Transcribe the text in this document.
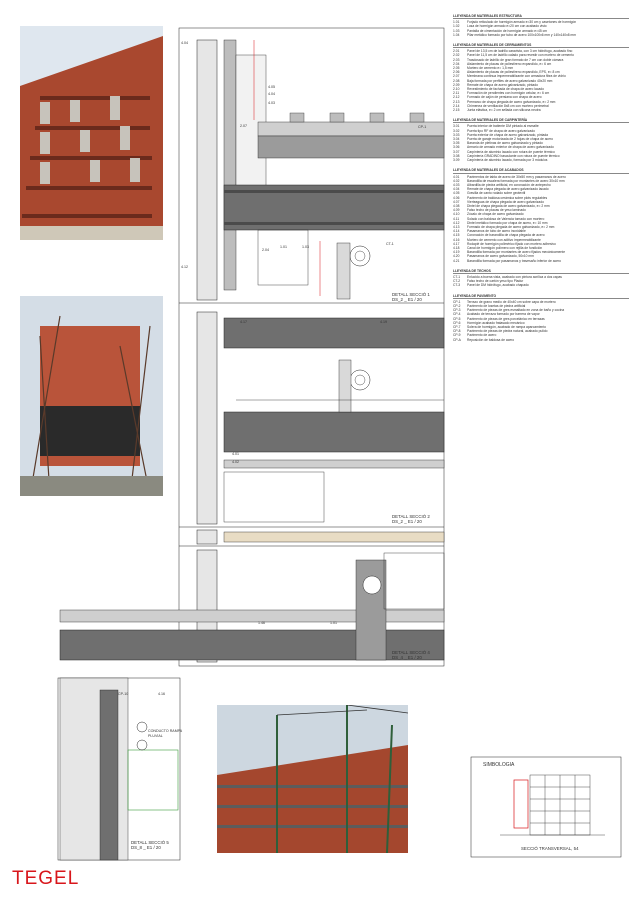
4.04
4.05
4.04
4.03
2.07
1.03
1.01
2.04
CP-1
CT-1
4.12
4.17	4.19
CP-10	4.16
1.01
1.46
4.01
4.02
CONDUCTO RAMPA
PLUVIAL
DETALL SECCIÓ 1
DS_2 _ E1 / 20
DETALL SECCIÓ 2
DS_2 _ E1 / 20
DETALL SECCIÓ 4
DS_4 _ E1 / 20
DETALL SECCIÓ 5
DS_8 _ E1 / 20
SIMBOLOGIA
SECCIÓ TRANSVERSAL, 54
LLEYENDA DE MATERIALES ESTRUCTURA
1.01	Forjado reticulado de hormigón armado e=30 cm y casetones de hormigón
1.02	Losa de hormigón armado e=20 cm con acabado visto
1.03	Pantalla de cimentación de hormigón armado e=45 cm
1.04	Pilar metálico formado por tubo de acero 100x100x6 mm y 140x140x8 mm
LLEYENDA DE MATERIALES DE CERRAMIENTOS
2.01	Panel de 13,5 cm de ladrillo caravista, con 3 cm hidrófugo, acabado fino
2.02	Panel de 11,5 cm de ladrillo calado para revestir con mortero de cemento
2.03	Trasdosado de ladrillo de gran formato de 7 cm con doble cámara
2.04	Aislamiento de placas de poliestireno expandido, e= 6 cm
2.05	Mortero de cemento e= 1,5 mm
2.06	Aislamiento de placas de poliestireno expandido, EPS, e= 8 cm
2.07	Membrana continua impermeabilizante con armadura fibra de vidrio
2.08	Baja formada por perfiles de acero galvanizado 40x20 mm
2.09	Remate de chapa de acero galvanizado, pintado
2.10	Revestimiento de fachada de chapa de acero lacado
2.11	Formación de pendientes con hormigón celular, e= 6 cm
2.12	Formado de cajón de persiana con chapa de acero
2.13	Premarco de chapa plegada de acero galvanizado, e= 2 mm
2.14	Chimenea de ventilación 8x8 cm con mortero perimetral
2.15	Junta elástica, e= 2 cm sellada con silicona neutra
LLEYENDA DE MATERIALES DE CARPINTERÍA
3.01	Puerta interior de batiente DM pintado al esmalte
3.02	Puerta tipo RF de chapa de acero galvanizado
3.03	Puerta exterior de chapa de acero galvanizado, pintada
3.04	Puerta de garaje motorizada de 2 hojas de chapa de acero
3.05	Baranda de pletinas de acero galvanizado y pintado
3.06	Armario de armado exterior de chapa de acero galvanizado
3.07	Carpintería de aluminio lacado con rotura de puente térmico
3.08	Carpintería GRADINO basculante con rotura de puente térmico
3.09	Carpintería de aluminio lacado, formada por 3 módulos
LLEYENDA DE MATERIALES DE ACABADOS
4.01	Pavimentos de tabla de acero de 30x50 mm y pasamanos de acero
4.02	Barandilla de escalera formada por montantes de acero 30x10 mm
4.03	Albardilla de piedra artificial, en coronación de antepecho
4.04	Remate de chapa plegada de acero galvanizado lacado
4.05	Gravilla de canto rodado sobre geotextil
4.06	Pavimento de baldosa cerámica sobre plots regulables
4.07	Vierteaguas de chapa plegada de acero galvanizado
4.08	Dintel de chapa plegada de acero galvanizado, e= 2 mm
4.09	Falso techo de placas de yeso laminado
4.10	Zócalo de chapa de acero galvanizado
4.11	Solado con baldosa de Valencia tomado con mortero
4.12	Dintel metálico formado por chapa de acero, e= 10 mm
4.13	Formado de chapa plegada de acero galvanizado, e= 2 mm
4.14	Pasamanos de tubo de acero inoxidable
4.15	Coronación de barandilla de chapa plegada de acero
4.16	Mortero de cemento con aditivo impermeabilizante
4.17	Rodapié de hormigón polimérico fijado con mortero adhesivo
4.18	Canal de hormigón polímero con rejilla de fundición
4.19	Barandilla formada por montantes de acero fijados mecánicamente
4.20	Pasamanos de acero galvanizado, 50x10 mm
4.21	Barandilla formada por pasamanos y travesaño inferior de acero
LLEYENDA DE TECHOS
CT-1	Enlucido a buena vista, acabado con pintura acrílica a dos capas
CT-2	Falso techo de cartón yeso tipo Pladur
CT-3	Panel de DM hidrófugo, acabado chapado
LLEYENDA DE PAVIMENTO
CP-1	Terrazo de grano medio de 40x40 cm sobre capa de mortero
CP-2	Pavimento de losetas de piedra artificial
CP-3	Pavimento de piezas de gres esmaltado en zona de baño y cocina
CP-4	Acabado de terraza formado por barrera de vapor
CP-5	Pavimento de piezas de gres porcelánico en terrazas
CP-6	Hormigón acabado fratasado mecánico
CP-7	Solera de hormigón, acabado de rampa aparcamiento
CP-8	Pavimento de piezas de piedra natural, acabado pulido
CP-9	Pavimento de acero
CP-A	Reposición de baldosa de acero
TEGEL
